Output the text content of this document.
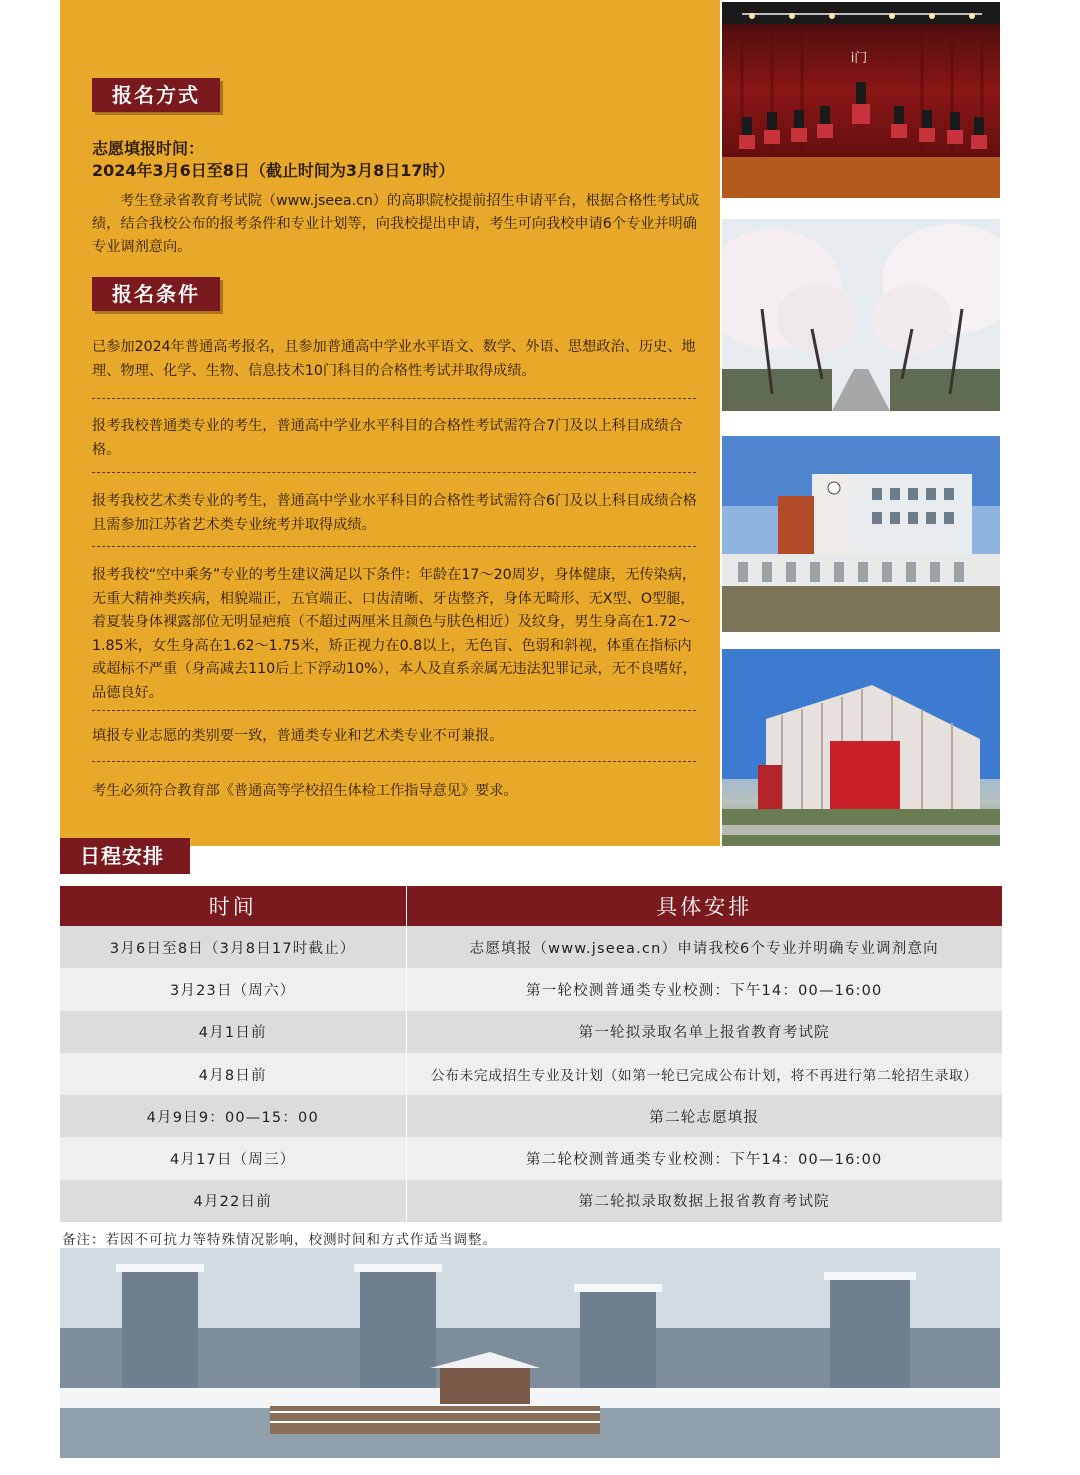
报名方式
志愿填报时间：
2024年3月6日至8日（截止时间为3月8日17时）

考生登录省教育考试院（www.jseea.cn）的高职院校提前招生申请平台，根据合格性考试成绩，结合我校公布的报考条件和专业计划等，向我校提出申请，考生可向我校申请6个专业并明确专业调剂意向。

报名条件

已参加2024年普通高考报名，且参加普通高中学业水平语文、数学、外语、思想政治、历史、地理、物理、化学、生物、信息技术10门科目的合格性考试并取得成绩。

报考我校普通类专业的考生，普通高中学业水平科目的合格性考试需符合7门及以上科目成绩合格。

报考我校艺术类专业的考生，普通高中学业水平科目的合格性考试需符合6门及以上科目成绩合格且需参加江苏省艺术类专业统考并取得成绩。

报考我校“空中乘务”专业的考生建议满足以下条件：年龄在17～20周岁，身体健康，无传染病，无重大精神类疾病，相貌端正，五官端正、口齿清晰、牙齿整齐，身体无畸形、无X型、O型腿，着夏装身体裸露部位无明显疤痕（不超过两厘米且颜色与肤色相近）及纹身，男生身高在1.72～1.85米，女生身高在1.62～1.75米，矫正视力在0.8以上，无色盲、色弱和斜视，体重在指标内或超标不严重（身高减去110后上下浮动10%），本人及直系亲属无违法犯罪记录，无不良嗜好，品德良好。

填报专业志愿的类别要一致，普通类专业和艺术类专业不可兼报。

考生必须符合教育部《普通高等学校招生体检工作指导意见》要求。

i门
日程安排
时间	具体安排
3月6日至8日（3月8日17时截止）	志愿填报（www.jseea.cn）申请我校6个专业并明确专业调剂意向
3月23日（周六）	第一轮校测普通类专业校测：下午14：00—16:00
4月1日前	第一轮拟录取名单上报省教育考试院
4月8日前	公布未完成招生专业及计划（如第一轮已完成公布计划，将不再进行第二轮招生录取）
4月9日9：00—15：00	第二轮志愿填报
4月17日（周三）	第二轮校测普通类专业校测：下午14：00—16:00
4月22日前	第二轮拟录取数据上报省教育考试院
备注：若因不可抗力等特殊情况影响，校测时间和方式作适当调整。
